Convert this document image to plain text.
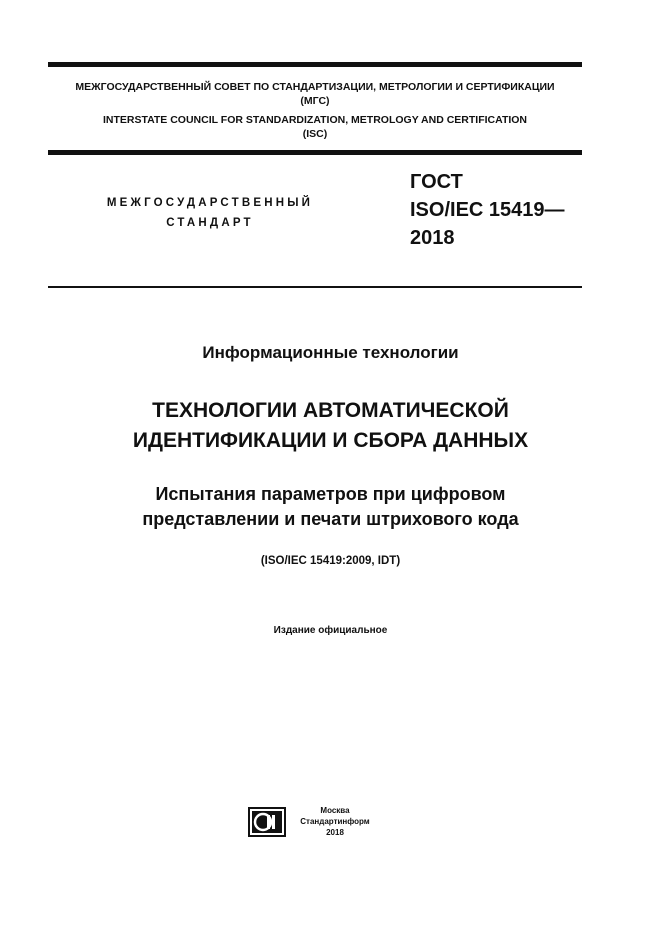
МЕЖГОСУДАРСТВЕННЫЙ СОВЕТ ПО СТАНДАРТИЗАЦИИ, МЕТРОЛОГИИ И СЕРТИФИКАЦИИ
(МГС)
INTERSTATE COUNCIL FOR STANDARDIZATION, METROLOGY AND CERTIFICATION
(ISC)
МЕЖГОСУДАРСТВЕННЫЙ
СТАНДАРТ
ГОСТ
ISO/IEC 15419—
2018
Информационные технологии
ТЕХНОЛОГИИ АВТОМАТИЧЕСКОЙ
ИДЕНТИФИКАЦИИ И СБОРА ДАННЫХ
Испытания параметров при цифровом
представлении и печати штрихового кода
(ISO/IEC 15419:2009, IDT)
Издание официальное
Москва
Стандартинформ
2018
